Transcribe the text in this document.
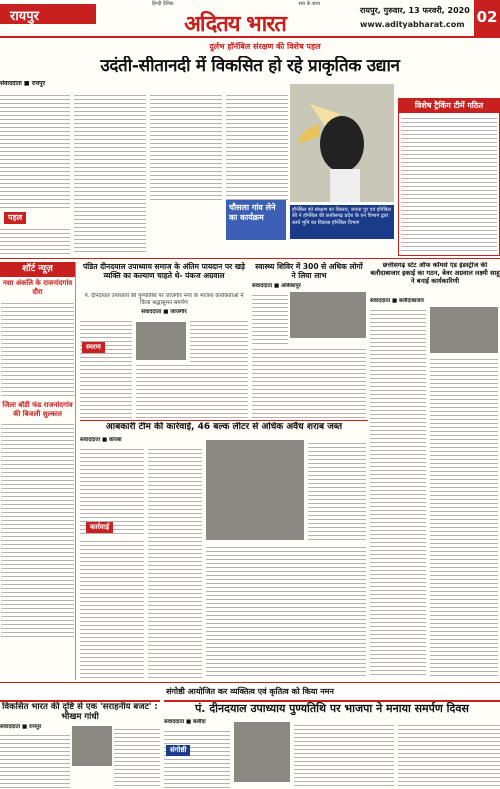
रायपुर
हिन्दी दैनिक	सच के साथ
अदितय भारत
रायपुर, गुरुवार, 13 फरवरी, 2020
www.adityabharat.com 02
दुर्लभ हॉर्नबिल संरक्षण की विशेष पहल
उदंती-सीतानदी में विकसित हो रहे प्राकृतिक उद्यान
संवाददाता ■ रायपुर
पहल
चौसला गांव लेने का कार्यक्रम
हॉर्नबिल को संरक्षण का विस्तार, जनता पुर एवं हॉर्नबिल की ने हॉर्नबिल की छत्तीसगढ़ प्रदेश के वन विभाग द्वारा कार्य भूमि का विकास हॉर्नबिल विभाग
विशेष ट्रैकिंग टीमें गठित
शॉर्ट न्यूज़
नशा अंकलि के राजनांदगांव दौरा
जिला बॉडी फंड राजनांदगांव की बिजली शुल्कात
पंडित दीनदयाल उपाध्याय समाज के अंतिम पायदान पर खड़े व्यक्ति का कल्याण चाहते थे- पंकज अग्रवाल
पं. दीनदयाल उपाध्याय की पुण्यतिथि पर जांजगीर नगर के भाजपा कार्यकर्ताओं ने किया श्रद्धासुमन समर्पण
संवाददाता ■ जांजगीर
स्मरण
स्वास्थ्य शिविर में 300 से अधिक लोगों ने लिया लाभ
संवाददाता ■ अंबिकापुर
छत्तीसगढ़ स्टेट ऑफ कॉमर्स एंड इंडस्ट्रीज की बलौदाबाजार इकाई का गठन, बेवर अग्रवाल लक्ष्मी साहू ने बनाई कार्यकारिणी
संवाददाता ■ बलौदाबाजार
आबकारी टीम की कार्रवाई, 46 बल्क लीटर से अधिक अवैध शराब जब्त
संवाददाता ■ कोरबा
कार्रवाई
संगोष्ठी आयोजित कर व्यक्तित्व एवं कृतित्व को किया नमन
विकसित भारत की दृष्टि से एक 'सराहनीय बजट' : भीखम गांधी
संवाददाता ■ रायपुर
पं. दीनदयाल उपाध्याय पुण्यतिथि पर भाजपा ने मनाया समर्पण दिवस
संवाददाता ■ बलौदा
संगोष्ठी
